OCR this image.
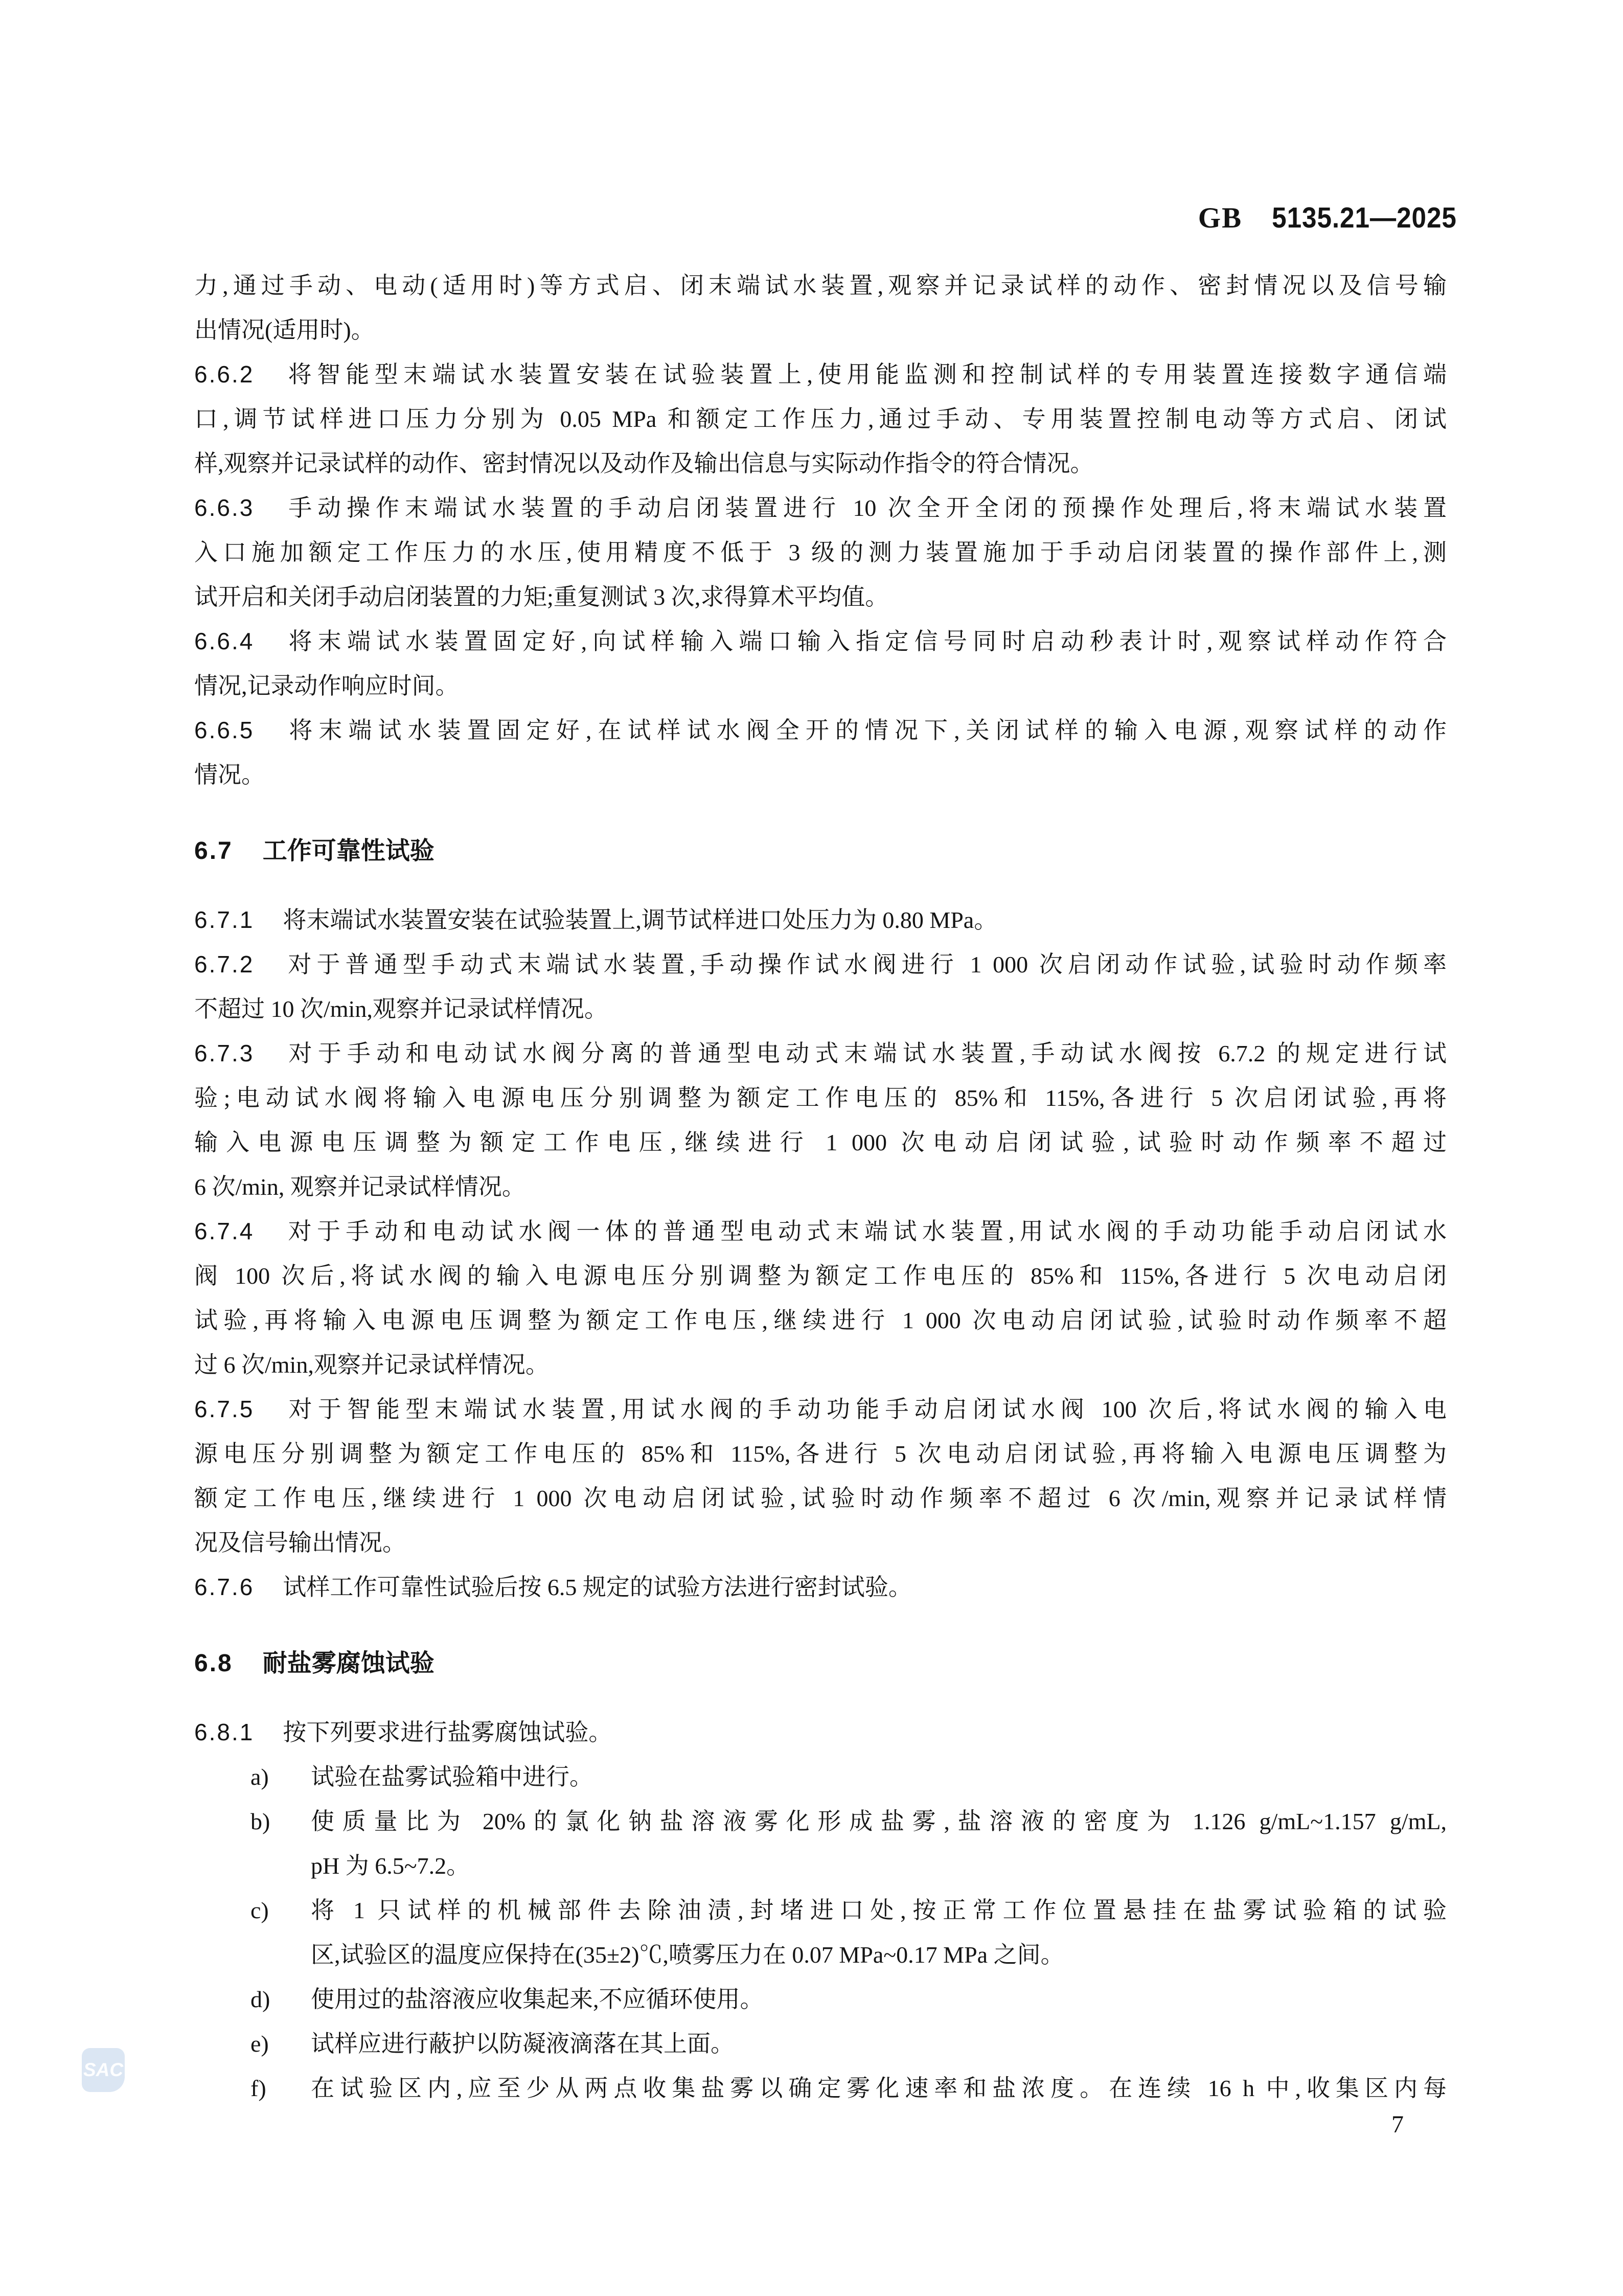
GB 5135.21—2025
力,通过手动、电动(适用时)等方式启、闭末端试水装置,观察并记录试样的动作、密封情况以及信号输
出情况(适用时)。
6.6.2 将智能型末端试水装置安装在试验装置上,使用能监测和控制试样的专用装置连接数字通信端
口,调节试样进口压力分别为 0.05 MPa 和额定工作压力,通过手动、专用装置控制电动等方式启、闭试
样,观察并记录试样的动作、密封情况以及动作及输出信息与实际动作指令的符合情况。
6.6.3 手动操作末端试水装置的手动启闭装置进行 10 次全开全闭的预操作处理后,将末端试水装置
入口施加额定工作压力的水压,使用精度不低于 3 级的测力装置施加于手动启闭装置的操作部件上,测
试开启和关闭手动启闭装置的力矩;重复测试 3 次,求得算术平均值。
6.6.4 将末端试水装置固定好,向试样输入端口输入指定信号同时启动秒表计时,观察试样动作符合
情况,记录动作响应时间。
6.6.5 将末端试水装置固定好,在试样试水阀全开的情况下,关闭试样的输入电源,观察试样的动作
情况。
6.7 工作可靠性试验
6.7.1 将末端试水装置安装在试验装置上,调节试样进口处压力为 0.80 MPa。
6.7.2 对于普通型手动式末端试水装置,手动操作试水阀进行 1 000 次启闭动作试验,试验时动作频率
不超过 10 次/min,观察并记录试样情况。
6.7.3 对于手动和电动试水阀分离的普通型电动式末端试水装置,手动试水阀按 6.7.2 的规定进行试
验;电动试水阀将输入电源电压分别调整为额定工作电压的 85%和 115%,各进行 5 次启闭试验,再将
输入电源电压调整为额定工作电压,继续进行 1 000 次电动启闭试验,试验时动作频率不超过
6 次/min, 观察并记录试样情况。
6.7.4 对于手动和电动试水阀一体的普通型电动式末端试水装置,用试水阀的手动功能手动启闭试水
阀 100 次后,将试水阀的输入电源电压分别调整为额定工作电压的 85%和 115%,各进行 5 次电动启闭
试验,再将输入电源电压调整为额定工作电压,继续进行 1 000 次电动启闭试验,试验时动作频率不超
过 6 次/min,观察并记录试样情况。
6.7.5 对于智能型末端试水装置,用试水阀的手动功能手动启闭试水阀 100 次后,将试水阀的输入电
源电压分别调整为额定工作电压的 85%和 115%,各进行 5 次电动启闭试验,再将输入电源电压调整为
额定工作电压,继续进行 1 000 次电动启闭试验,试验时动作频率不超过 6 次/min,观察并记录试样情
况及信号输出情况。
6.7.6 试样工作可靠性试验后按 6.5 规定的试验方法进行密封试验。
6.8 耐盐雾腐蚀试验
6.8.1 按下列要求进行盐雾腐蚀试验。
a) 试验在盐雾试验箱中进行。
b) 使质量比为 20%的氯化钠盐溶液雾化形成盐雾,盐溶液的密度为 1.126 g/mL~1.157 g/mL,
pH 为 6.5~7.2。
c) 将 1 只试样的机械部件去除油渍,封堵进口处,按正常工作位置悬挂在盐雾试验箱的试验
区,试验区的温度应保持在(35±2)℃,喷雾压力在 0.07 MPa~0.17 MPa 之间。
d) 使用过的盐溶液应收集起来,不应循环使用。
e) 试样应进行蔽护以防凝液滴落在其上面。
f) 在试验区内,应至少从两点收集盐雾以确定雾化速率和盐浓度。在连续 16 h 中,收集区内每
SAC
7
